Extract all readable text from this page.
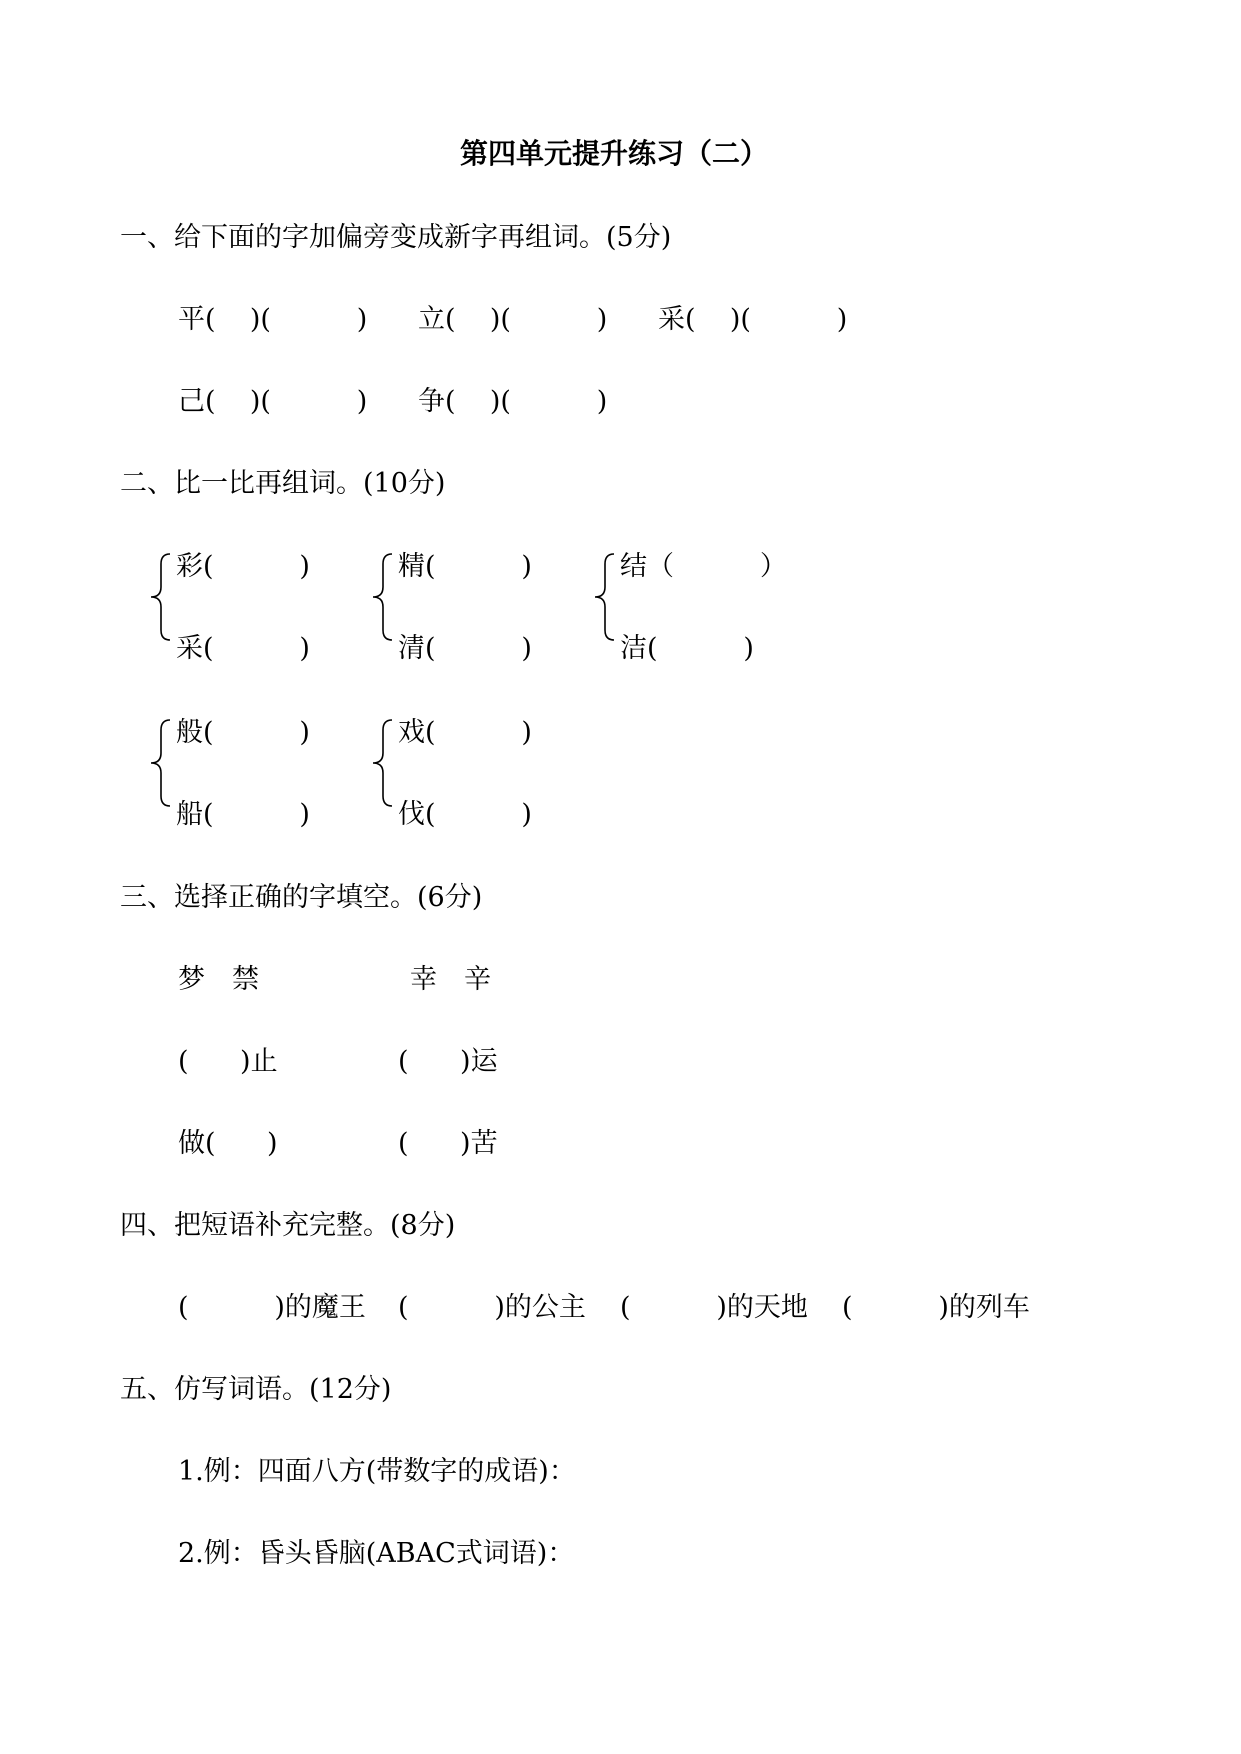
第四单元提升练习（二）
一、给下面的字加偏旁变成新字再组词。(5分)
平(    )(          ) 立(    )(          ) 采(    )(          )
己(    )(          ) 争(    )(          )
二、比一比再组词。(10分)
彩(          )
采(          )
精(          )
清(          )
结（          ）
洁(          )
般(          )
船(          )
戏(          )
伐(          )
三、选择正确的字填空。(6分)
梦　禁	幸　辛
(      )止	(      )运
做(      )	(      )苦
四、把短语补充完整。(8分)
(          )的魔王 (          )的公主 (          )的天地 (          )的列车
五、仿写词语。(12分)
1.例：四面八方(带数字的成语)：
2.例：昏头昏脑(ABAC式词语)：
